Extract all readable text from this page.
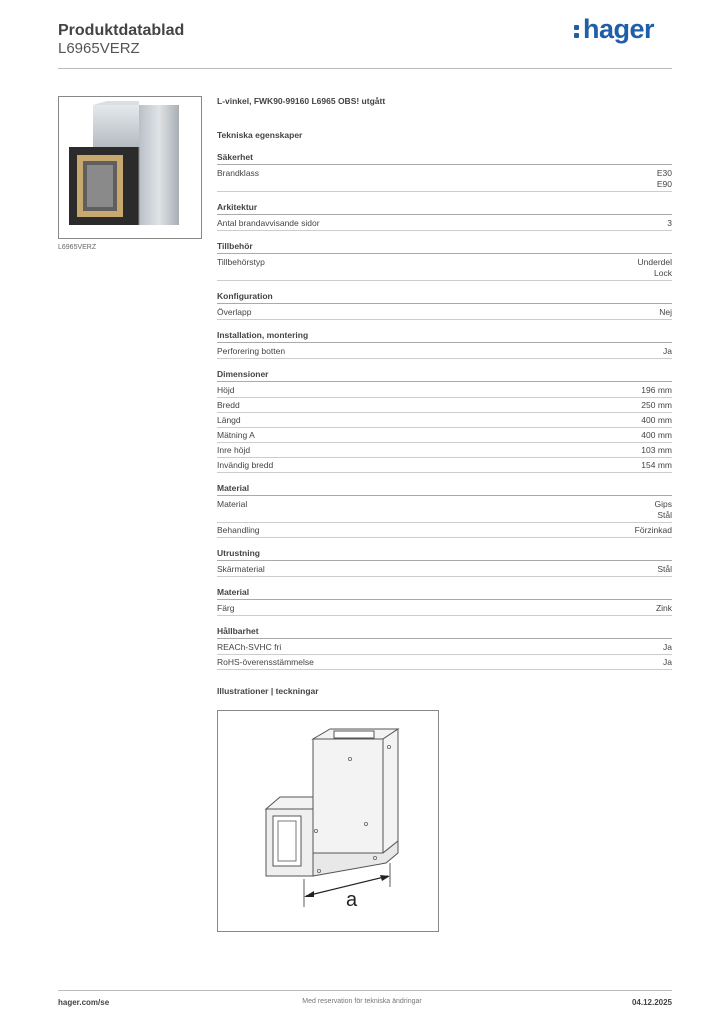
Produktdatablad
L6965VERZ
hager
L6965VERZ
L-vinkel, FWK90-99160 L6965 OBS! utgått
Tekniska egenskaper
Säkerhet
Brandklass	E30
E90
Arkitektur
Antal brandavvisande sidor	3
Tillbehör
Tillbehörstyp	Underdel
Lock
Konfiguration
Överlapp	Nej
Installation, montering
Perforering botten	Ja
Dimensioner
Höjd	196 mm
Bredd	250 mm
Längd	400 mm
Mätning A	400 mm
Inre höjd	103 mm
Invändig bredd	154 mm
Material
Material	Gips
Stål
Behandling	Förzinkad
Utrustning
Skärmaterial	Stål
Material
Färg	Zink
Hållbarhet
REACh-SVHC fri	Ja
RoHS-överensstämmelse	Ja
Illustrationer | teckningar
a
hager.com/se	Med reservation för tekniska ändringar	04.12.2025
